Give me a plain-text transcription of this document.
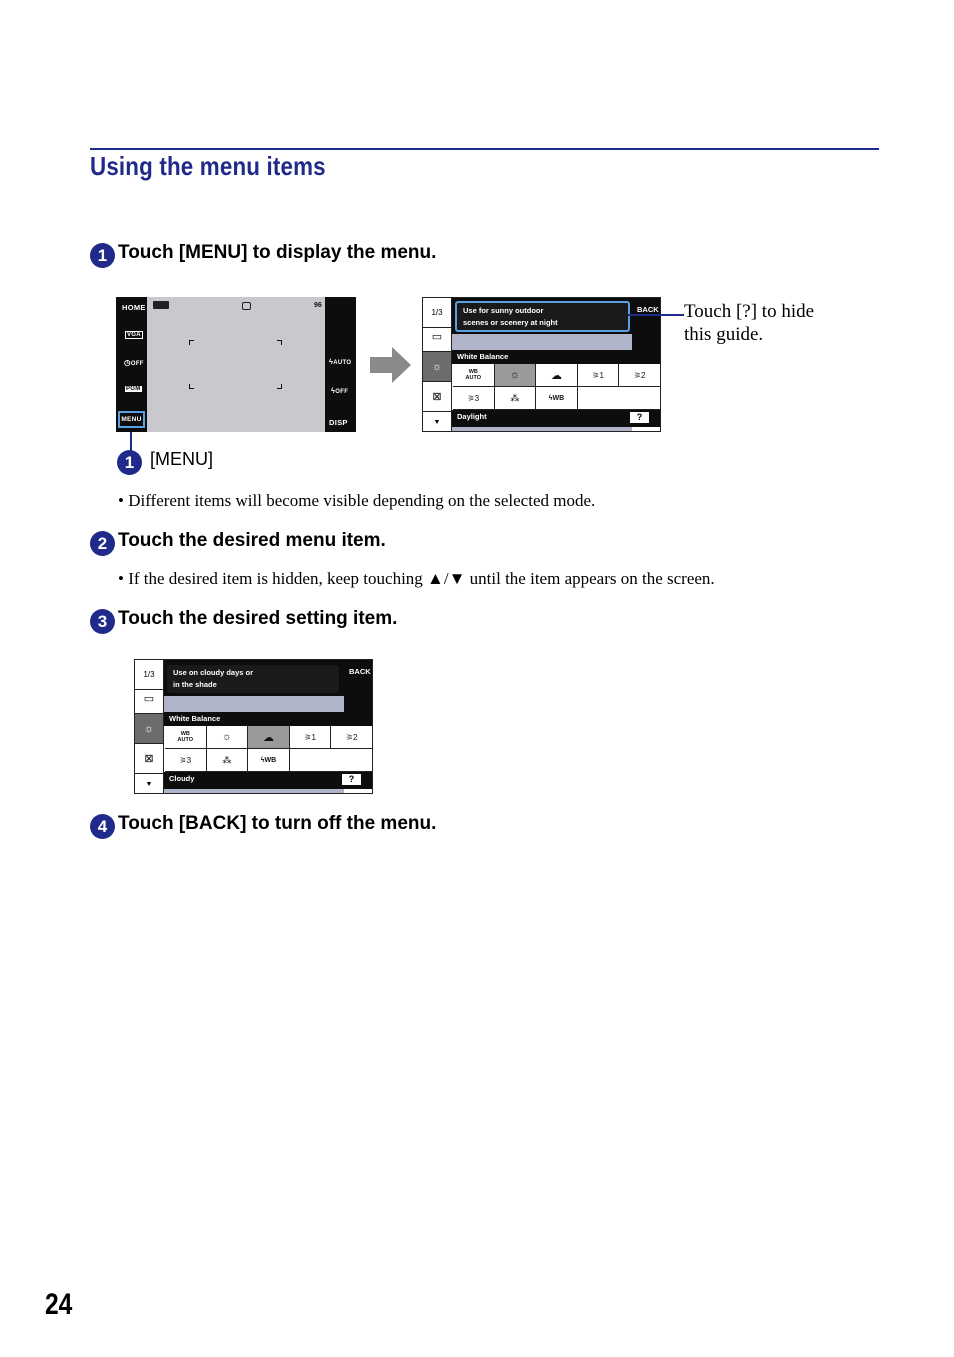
Using the menu items
1 Touch [MENU] to display the menu.
96
HOME
VGA
◷OFF
PGM
MENU
ϟAUTO
ϟOFF
DISP
1/3
▭
☼
⊠
▼
Use for sunny outdoor
scenes or scenery at night
BACK
White Balance
WB
AUTO	☼	☁	⚞1	⚞2
⚞3	⁂	ϟWB
Daylight	?
Touch [?] to hide
this guide.
1 [MENU]
• Different items will become visible depending on the selected mode.
2 Touch the desired menu item.
• If the desired item is hidden, keep touching ▲/▼ until the item appears on the screen.
3 Touch the desired setting item.
1/3
▭
☼
⊠
▼
Use on cloudy days or
in the shade
BACK
White Balance
WB
AUTO	☼	☁	⚞1	⚞2
⚞3	⁂	ϟWB
Cloudy	?
4 Touch [BACK] to turn off the menu.
24
